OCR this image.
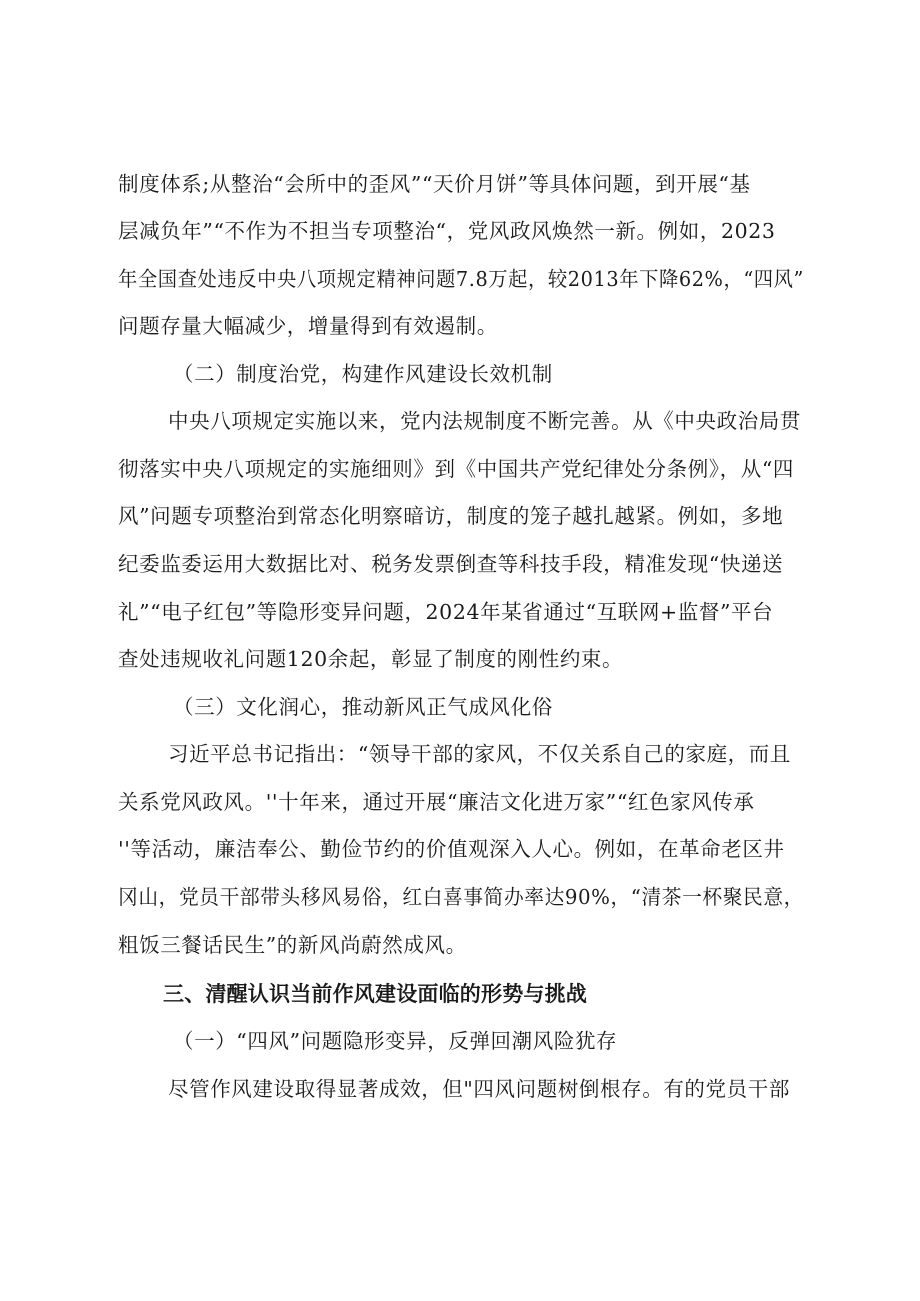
制度体系;从整治“会所中的歪风”“天价月饼”等具体问题，到开展“基
层减负年”“不作为不担当专项整治“，党风政风焕然一新。例如，2023
年全国查处违反中央八项规定精神问题7.8万起，较2013年下降62%，“四风”
问题存量大幅减少，增量得到有效遏制。
（二）制度治党，构建作风建设长效机制
中央八项规定实施以来，党内法规制度不断完善。从《中央政治局贯
彻落实中央八项规定的实施细则》到《中国共产党纪律处分条例》，从“四
风”问题专项整治到常态化明察暗访，制度的笼子越扎越紧。例如，多地
纪委监委运用大数据比对、税务发票倒查等科技手段，精准发现“快递送
礼”“电子红包”等隐形变异问题，2024年某省通过“互联网+监督”平台
查处违规收礼问题120余起，彰显了制度的刚性约束。
（三）文化润心，推动新风正气成风化俗
习近平总书记指出：“领导干部的家风，不仅关系自己的家庭，而且
关系党风政风。''十年来，通过开展“廉洁文化进万家”“红色家风传承
''等活动，廉洁奉公、勤俭节约的价值观深入人心。例如，在革命老区井
冈山，党员干部带头移风易俗，红白喜事简办率达90%，“清茶一杯聚民意，
粗饭三餐话民生”的新风尚蔚然成风。
三、清醒认识当前作风建设面临的形势与挑战
（一）“四风”问题隐形变异，反弹回潮风险犹存
尽管作风建设取得显著成效，但"四风问题树倒根存。有的党员干部
